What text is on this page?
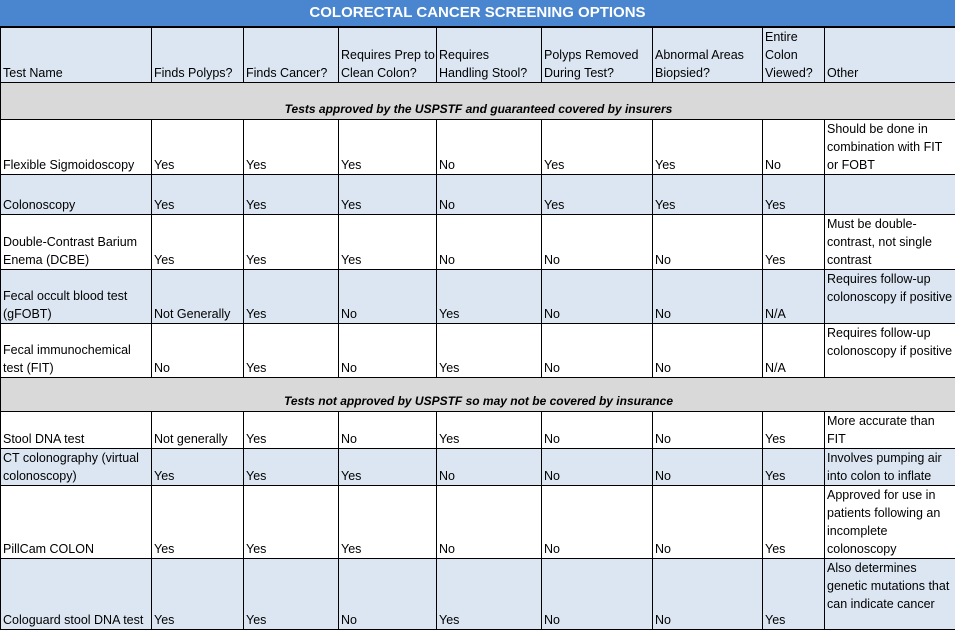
COLORECTAL CANCER SCREENING OPTIONS
Test Name	Finds Polyps?	Finds Cancer?	Requires Prep to Clean Colon?	Requires Handling Stool?	Polyps Removed During Test?	Abnormal Areas Biopsied?	Entire Colon Viewed?	Other
Tests approved by the USPSTF and guaranteed covered by insurers								
Flexible Sigmoidoscopy	Yes	Yes	Yes	No	Yes	Yes	No	Should be done in combination with FIT or FOBT
Colonoscopy	Yes	Yes	Yes	No	Yes	Yes	Yes	
Double-Contrast Barium Enema (DCBE)	Yes	Yes	Yes	No	No	No	Yes	Must be double-contrast, not single contrast
Fecal occult blood test (gFOBT)	Not Generally	Yes	No	Yes	No	No	N/A	Requires follow-up colonoscopy if positive
Fecal immunochemical test (FIT)	No	Yes	No	Yes	No	No	N/A	Requires follow-up colonoscopy if positive
Tests not approved by USPSTF so may not be covered by insurance								
Stool DNA test	Not generally	Yes	No	Yes	No	No	Yes	More accurate than FIT
CT colonography (virtual colonoscopy)	Yes	Yes	Yes	No	No	No	Yes	Involves pumping air into colon to inflate
PillCam COLON	Yes	Yes	Yes	No	No	No	Yes	Approved for use in patients following an incomplete colonoscopy
Cologuard stool DNA test	Yes	Yes	No	Yes	No	No	Yes	Also determines genetic mutations that can indicate cancer
